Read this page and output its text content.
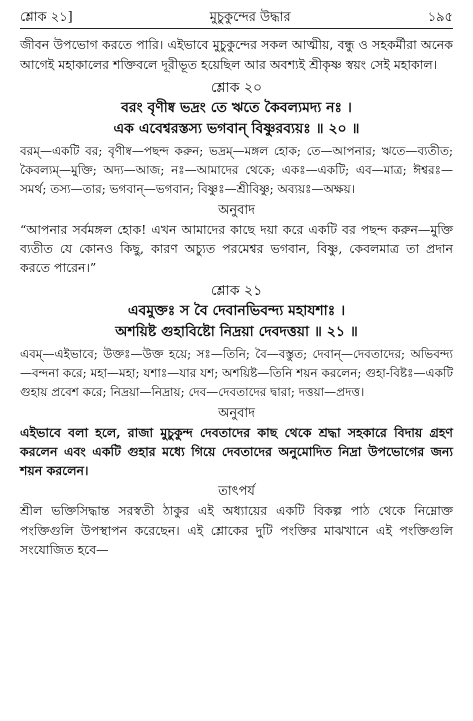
শ্লোক ২১]	মুচুকুন্দের উদ্ধার	১৯৫

জীবন উপভোগ করতে পারি। এইভাবে মুচুকুন্দের সকল আত্মীয়, বন্ধু ও সহকর্মীরা অনেক আগেই মহাকালের শক্তিবলে দূরীভূত হয়েছিল আর অবশ্যই শ্রীকৃষ্ণ স্বয়ং সেই মহাকাল।

শ্লোক ২০
বরং বৃণীষ্ব ভদ্রং তে ঋতে কৈবল্যমদ্য নঃ ।
এক এবেশ্বরস্তস্য ভগবান্ বিষ্ণুরব্যয়ঃ ॥ ২০ ॥

বরম্—একটি বর; বৃণীষ্ব—পছন্দ করুন; ভদ্রম্—মঙ্গল হোক; তে—আপনার; ঋতে—ব্যতীত; কৈবল্যম্—মুক্তি; অদ্য—আজ; নঃ—আমাদের থেকে; একঃ—একটি; এব—মাত্র; ঈশ্বরঃ—সমর্থ; তস্য—তার; ভগবান্—ভগবান; বিষ্ণুঃ—শ্রীবিষ্ণু; অব্যয়ঃ—অক্ষয়।

অনুবাদ

“আপনার সর্বমঙ্গল হোক! এখন আমাদের কাছে দয়া করে একটি বর পছন্দ করুন—মুক্তি ব্যতীত যে কোনও কিছু, কারণ অচ্যুত পরমেশ্বর ভগবান, বিষ্ণু, কেবলমাত্র তা প্রদান করতে পারেন।”

শ্লোক ২১
এবমুক্তঃ স বৈ দেবানভিবন্দ্য মহাযশাঃ ।
অশয়িষ্ট গুহাবিষ্টো নিদ্রয়া দেবদত্তয়া ॥ ২১ ॥

এবম্—এইভাবে; উক্তঃ—উক্ত হয়ে; সঃ—তিনি; বৈ—বস্তুত; দেবান্—দেবতাদের; অভিবন্দ্য—বন্দনা করে; মহা—মহা; যশাঃ—যার যশ; অশয়িষ্ট—তিনি শয়ন করলেন; গুহা-বিষ্টঃ—একটি গুহায় প্রবেশ করে; নিদ্রয়া—নিদ্রায়; দেব—দেবতাদের দ্বারা; দত্তয়া—প্রদত্ত।

অনুবাদ

এইভাবে বলা হলে, রাজা মুচুকুন্দ দেবতাদের কাছ থেকে শ্রদ্ধা সহকারে বিদায় গ্রহণ করলেন এবং একটি গুহার মধ্যে গিয়ে দেবতাদের অনুমোদিত নিদ্রা উপভোগের জন্য শয়ন করলেন।

তাৎপর্য

শ্রীল ভক্তিসিদ্ধান্ত সরস্বতী ঠাকুর এই অধ্যায়ের একটি বিকল্প পাঠ থেকে নিম্নোক্ত পংক্তিগুলি উপস্থাপন করেছেন। এই শ্লোকের দুটি পংক্তির মাঝখানে এই পংক্তিগুলি সংযোজিত হবে—
